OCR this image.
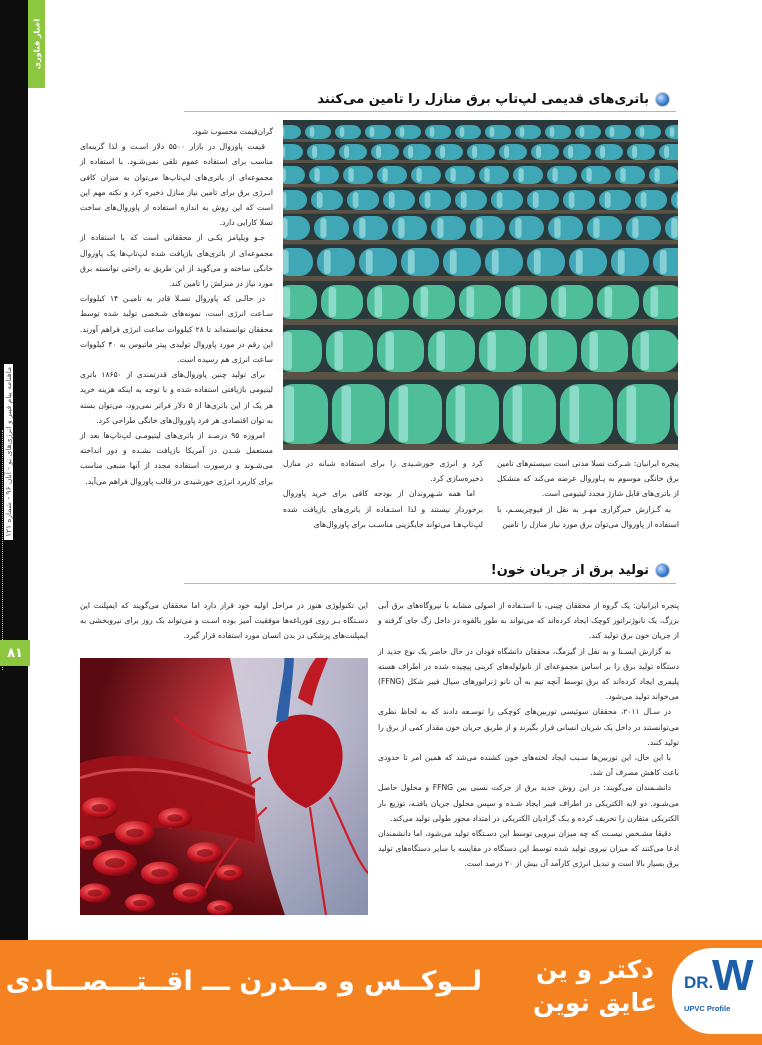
اخبار فناوری
ماهنامه پیام فیبر و انرژی‌های نو - آبان ۹۶ - شماره ۱۲۱
۸۱
باتری‌های قدیمی لپ‌تاپ برق منازل را تامین می‌کنند

پنجره ایرانیان: شـرکت تسلا مدتی است سیستم‌های تامین برق خانگی موسوم به پـاوروال عرضه می‌کند که متشکل از باتری‌های قابل شارژ مجدد لیتیومی است.

به گـزارش خبرگزاری مهـر به نقل از فیوچریسـم، با استفاده از پاوروال می‌توان برق مورد نیاز منازل را تامین

کرد و انرژی خورشـیدی را برای استفاده شبانه در منازل ذخیره‌سازی کرد.

اما همه شـهروندان از بودجه کافی برای خرید پاوروال برخوردار نیستند و لذا استـفاده از باتری‌های بازیافت شده لپ‌تاپ‌هـا می‌تواند جایگزینی مناسـب برای پاوروال‌های

گران‌قیمت محسوب شود.

قیمت پاوروال در بازار ۵۵۰۰ دلار اسـت و لذا گزینه‌ای مناسب برای استفاده عموم تلقی نمی‌شـود. با استفاده از مجموعه‌ای از باتری‌های لپ‌تاپ‌ها می‌توان به میزان کافی انـرژی برق برای تامین نیاز منازل ذخیره کرد و نکته مهم این است که این روش به اندازه استفاده از پاوروال‌های ساخت تسلا کارایی دارد.

جـو ویلیامز یکـی از محققانی است که با استفاده از مجموعه‌ای از باتری‌های بازیافت شده لپ‌تاپ‌ها یک پاوروال خانگی ساخته و می‌گوید از این طریق به راحتی توانسته برق مورد نیاز در منزلش را تامین کند.

در حالـی که پاوروال تسـلا قادر به تامیـن ۱۴ کیلووات سـاعت انرژی است، نمونه‌های شـخصی تولید شده توسط محققان توانسته‌اند تا ۲۸ کیلووات ساعت انرژی فراهم آورند. این رقم در مورد پاوروال تولیدی پیتر ماتیوس به ۴۰ کیلووات ساعت انرژی هم رسیده است.

برای تولید چنین پاوروال‌های قدرتمندی از ۱۸۶۵۰ باتری لیتیومی بازیافتی استفاده شده و با توجه به اینکه هزینه خرید هر یک از این باتری‌ها از ۵ دلار فراتر نمی‌رود، می‌توان بسته به توان اقتصادی هر فرد پاوروال‌های خانگی طراحی کرد.

امروزه ۹۵ درصـد از باتری‌های لیتیومـی لپ‌تاپ‌ها بعد از مستعمل شـدن در آمریکا بازیافت نشـده و دور انداخته می‌شـوند و درصورت استفاده مجدد از آنها منبعی مناسب برای کاربرد انرژی خورشیدی در قالب پاوروال فراهم می‌آید.

تولید برق از جریان خون!

پنجره ایرانیان: یک گروه از محققان چینی، با استـفاده از اصولی مشابه با نیروگاه‌های برق آبی بزرگ، یک نانوژنراتور کوچک ایجاد کرده‌اند که می‌تواند به طور بالقوه در داخل رگ جای گرفته و از جریان خون برق تولید کند.

به گزارش ایسـنا و به نقل از گیزمگ، محققان دانشگاه فودان در حال حاضر یک نوع جدید از دستگاه تولید برق را بر اساس مجموعه‌ای از نانولوله‌های کربنی پیچیده شده در اطراف هسته پلیمری ایجاد کرده‌اند که برق توسط آنچه تیم به آن نانو ژنراتورهای سیال فیبر شکل (FFNG) می‌خواند تولید می‌شود.

در سـال ۲۰۱۱، محققان سوئیسی توربین‌های کوچکی را توسـعه دادند که به لحاظ نظری می‌توانستند در داخل یک شریان انسانی قرار بگیرند و از طریق جریان خون مقدار کمی از برق را تولید کنند.

با این حال، این توربین‌ها سـبب ایجاد لخته‌های خون کشنده می‌شد که همین امر تا حدودی باعث کاهش مصرف آن شد.

دانشـمندان می‌گویند: در این روش جدید برق از حرکت نسبی بین FFNG و محلول حاصل می‌شـود. دو لایه الکتریکی در اطراف فیبر ایجاد شـده و سپس محلول جریان یافتـه، توزیع بار الکتریکی متقارن را تحریف کرده و یـک گرادیان الکتریکی در امتداد محور طولی تولید می‌کند.

دقیقا مشـخص نیسـت که چه میزان نیرویی توسط این دسـتگاه تولید می‌شود، اما دانشمندان ادعا می‌کنند که میزان نیروی تولید شده توسط این دستگاه در مقایسه با سایر دستگاه‌های تولید برق بسیار بالا است و تبدیل انرژی کارآمد آن بیش از ۲۰ درصد است.

این تکنولوژی هنوز در مراحل اولیه خود قرار دارد اما محققان می‌گویند که ایمپلنت این دسـتگاه بـر روی قورباغه‌ها موفقیت آمیز بوده اسـت و می‌تواند یک روز برای نیروبخشی به ایمپلنت‌های پزشکی در بدن انسان مورد استفاده قرار گیرد.

لــوکــس و مــدرن ـــ اقــتـــصـــادی دکتر و ین
عایق نوین
DR.
W
UPVC Profile
